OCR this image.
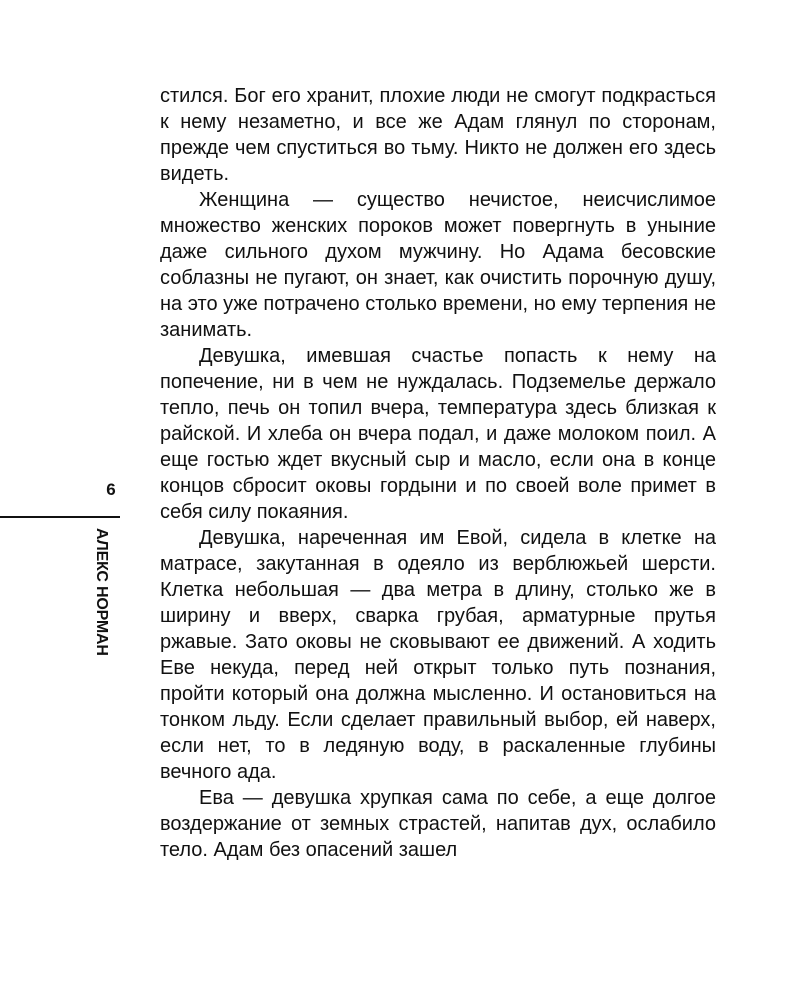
стился. Бог его хранит, плохие люди не смогут подкрасться к нему незаметно, и все же Адам глянул по сторонам, прежде чем спуститься во тьму. Никто не должен его здесь видеть.

Женщина — существо нечистое, неисчислимое множество женских пороков может повергнуть в уныние даже сильного духом мужчину. Но Адама бесовские соблазны не пугают, он знает, как очистить порочную душу, на это уже потрачено столько времени, но ему терпения не занимать.

Девушка, имевшая счастье попасть к нему на попечение, ни в чем не нуждалась. Подземелье держало тепло, печь он топил вчера, температура здесь близкая к райской. И хлеба он вчера подал, и даже молоком поил. А еще гостью ждет вкусный сыр и масло, если она в конце концов сбросит оковы гордыни и по своей воле примет в себя силу покаяния.

Девушка, нареченная им Евой, сидела в клетке на матрасе, закутанная в одеяло из верблюжьей шерсти. Клетка небольшая — два метра в длину, столько же в ширину и вверх, сварка грубая, арматурные прутья ржавые. Зато оковы не сковывают ее движений. А ходить Еве некуда, перед ней открыт только путь познания, пройти который она должна мысленно. И остановиться на тонком льду. Если сделает правильный выбор, ей наверх, если нет, то в ледяную воду, в раскаленные глубины вечного ада.

Ева — девушка хрупкая сама по себе, а еще долгое воздержание от земных страстей, напитав дух, ослабило тело. Адам без опасений зашел

6
АЛЕКС НОРМАН
